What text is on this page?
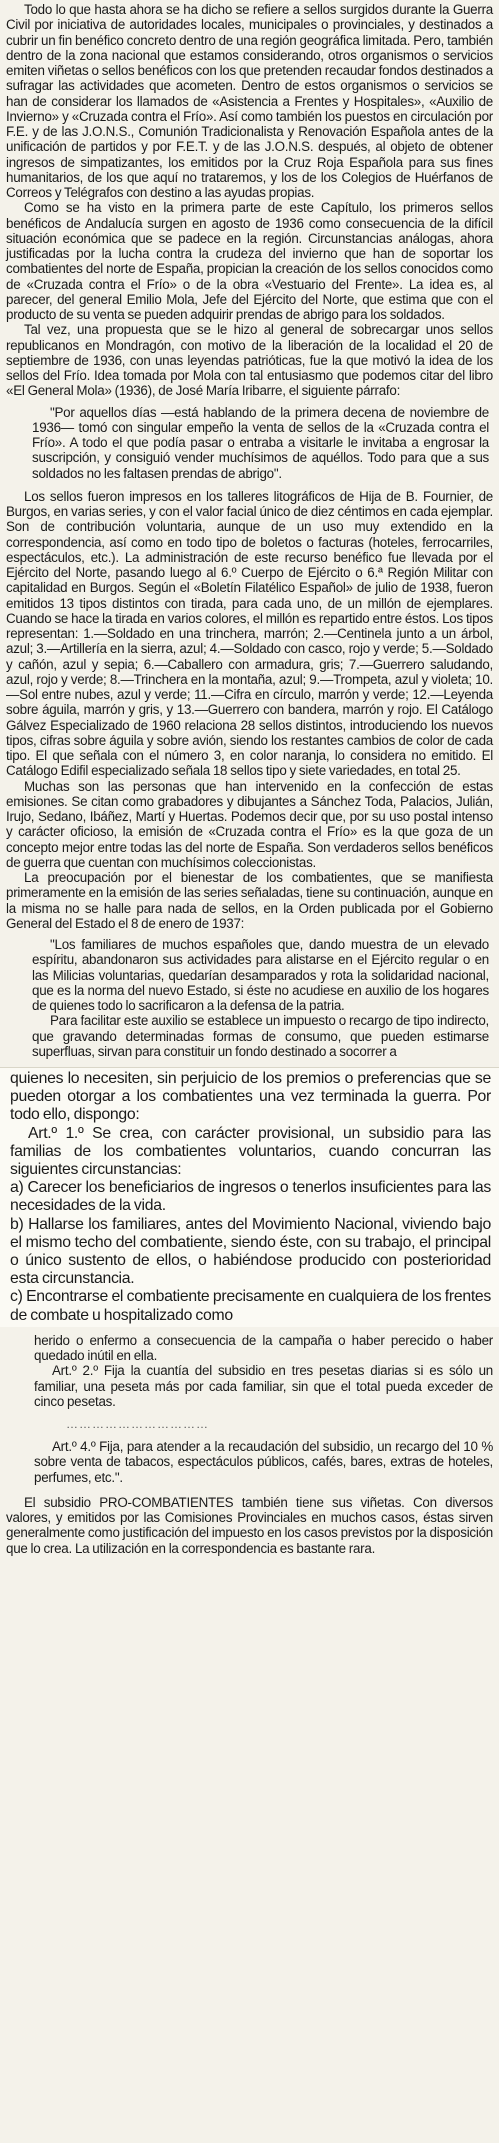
Todo lo que hasta ahora se ha dicho se refiere a sellos surgidos durante la Guerra Civil por iniciativa de autoridades locales, municipales o provinciales, y destinados a cubrir un fin benéfico concreto dentro de una región geográfica limitada. Pero, también dentro de la zona nacional que estamos considerando, otros organismos o servicios emiten viñetas o sellos benéficos con los que pretenden recaudar fondos destinados a sufragar las actividades que acometen. Dentro de estos organismos o servicios se han de considerar los llamados de «Asistencia a Frentes y Hospitales», «Auxilio de Invierno» y «Cruzada contra el Frío». Así como también los puestos en circulación por F.E. y de las J.O.N.S., Comunión Tradicionalista y Renovación Española antes de la unificación de partidos y por F.E.T. y de las J.O.N.S. después, al objeto de obtener ingresos de simpatizantes, los emitidos por la Cruz Roja Española para sus fines humanitarios, de los que aquí no trataremos, y los de los Colegios de Huérfanos de Correos y Telégrafos con destino a las ayudas propias.

Como se ha visto en la primera parte de este Capítulo, los primeros sellos benéficos de Andalucía surgen en agosto de 1936 como consecuencia de la difícil situación económica que se padece en la región. Circunstancias análogas, ahora justificadas por la lucha contra la crudeza del invierno que han de soportar los combatientes del norte de España, propician la creación de los sellos conocidos como de «Cruzada contra el Frío» o de la obra «Vestuario del Frente». La idea es, al parecer, del general Emilio Mola, Jefe del Ejército del Norte, que estima que con el producto de su venta se pueden adquirir prendas de abrigo para los soldados.

Tal vez, una propuesta que se le hizo al general de sobrecargar unos sellos republicanos en Mondragón, con motivo de la liberación de la localidad el 20 de septiembre de 1936, con unas leyendas patrióticas, fue la que motivó la idea de los sellos del Frío. Idea tomada por Mola con tal entusiasmo que podemos citar del libro «El General Mola» (1936), de José María Iribarre, el siguiente párrafo:

"Por aquellos días —está hablando de la primera decena de noviembre de 1936— tomó con singular empeño la venta de sellos de la «Cruzada contra el Frío». A todo el que podía pasar o entraba a visitarle le invitaba a engrosar la suscripción, y consiguió vender muchísimos de aquéllos. Todo para que a sus soldados no les faltasen prendas de abrigo".

Los sellos fueron impresos en los talleres litográficos de Hija de B. Fournier, de Burgos, en varias series, y con el valor facial único de diez céntimos en cada ejemplar. Son de contribución voluntaria, aunque de un uso muy extendido en la correspondencia, así como en todo tipo de boletos o facturas (hoteles, ferrocarriles, espectáculos, etc.). La administración de este recurso benéfico fue llevada por el Ejército del Norte, pasando luego al 6.º Cuerpo de Ejército o 6.ª Región Militar con capitalidad en Burgos. Según el «Boletín Filatélico Español» de julio de 1938, fueron emitidos 13 tipos distintos con tirada, para cada uno, de un millón de ejemplares. Cuando se hace la tirada en varios colores, el millón es repartido entre éstos. Los tipos representan: 1.—Soldado en una trinchera, marrón; 2.—Centinela junto a un árbol, azul; 3.—Artillería en la sierra, azul; 4.—Soldado con casco, rojo y verde; 5.—Soldado y cañón, azul y sepia; 6.—Caballero con armadura, gris; 7.—Guerrero saludando, azul, rojo y verde; 8.—Trinchera en la montaña, azul; 9.—Trompeta, azul y violeta; 10.—Sol entre nubes, azul y verde; 11.—Cifra en círculo, marrón y verde; 12.—Leyenda sobre águila, marrón y gris, y 13.—Guerrero con bandera, marrón y rojo. El Catálogo Gálvez Especializado de 1960 relaciona 28 sellos distintos, introduciendo los nuevos tipos, cifras sobre águila y sobre avión, siendo los restantes cambios de color de cada tipo. El que señala con el número 3, en color naranja, lo considera no emitido. El Catálogo Edifil especializado señala 18 sellos tipo y siete variedades, en total 25.

Muchas son las personas que han intervenido en la confección de estas emisiones. Se citan como grabadores y dibujantes a Sánchez Toda, Palacios, Julián, Irujo, Sedano, Ibáñez, Martí y Huertas. Podemos decir que, por su uso postal intenso y carácter oficioso, la emisión de «Cruzada contra el Frío» es la que goza de un concepto mejor entre todas las del norte de España. Son verdaderos sellos benéficos de guerra que cuentan con muchísimos coleccionistas.

La preocupación por el bienestar de los combatientes, que se manifiesta primeramente en la emisión de las series señaladas, tiene su continuación, aunque en la misma no se halle para nada de sellos, en la Orden publicada por el Gobierno General del Estado el 8 de enero de 1937:

"Los familiares de muchos españoles que, dando muestra de un elevado espíritu, abandonaron sus actividades para alistarse en el Ejército regular o en las Milicias voluntarias, quedarían desamparados y rota la solidaridad nacional, que es la norma del nuevo Estado, si éste no acudiese en auxilio de los hogares de quienes todo lo sacrificaron a la defensa de la patria.

Para facilitar este auxilio se establece un impuesto o recargo de tipo indirecto, que gravando determinadas formas de consumo, que pueden estimarse superfluas, sirvan para constituir un fondo destinado a socorrer a

quienes lo necesiten, sin perjuicio de los premios o preferencias que se pueden otorgar a los combatientes una vez terminada la guerra. Por todo ello, dispongo:

Art.º 1.º Se crea, con carácter provisional, un subsidio para las familias de los combatientes voluntarios, cuando concurran las siguientes circunstancias:

a) Carecer los beneficiarios de ingresos o tenerlos insuficientes para las necesidades de la vida.

b) Hallarse los familiares, antes del Movimiento Nacional, viviendo bajo el mismo techo del combatiente, siendo éste, con su trabajo, el principal o único sustento de ellos, o habiéndose producido con posterioridad esta circunstancia.

c) Encontrarse el combatiente precisamente en cualquiera de los frentes de combate u hospitalizado como

herido o enfermo a consecuencia de la campaña o haber perecido o haber quedado inútil en ella.

Art.º 2.º Fija la cuantía del subsidio en tres pesetas diarias si es sólo un familiar, una peseta más por cada familiar, sin que el total pueda exceder de cinco pesetas.

……………………………

Art.º 4.º Fija, para atender a la recaudación del subsidio, un recargo del 10 % sobre venta de tabacos, espectáculos públicos, cafés, bares, extras de hoteles, perfumes, etc.".

El subsidio PRO-COMBATIENTES también tiene sus viñetas. Con diversos valores, y emitidos por las Comisiones Provinciales en muchos casos, éstas sirven generalmente como justificación del impuesto en los casos previstos por la disposición que lo crea. La utilización en la correspondencia es bastante rara.
